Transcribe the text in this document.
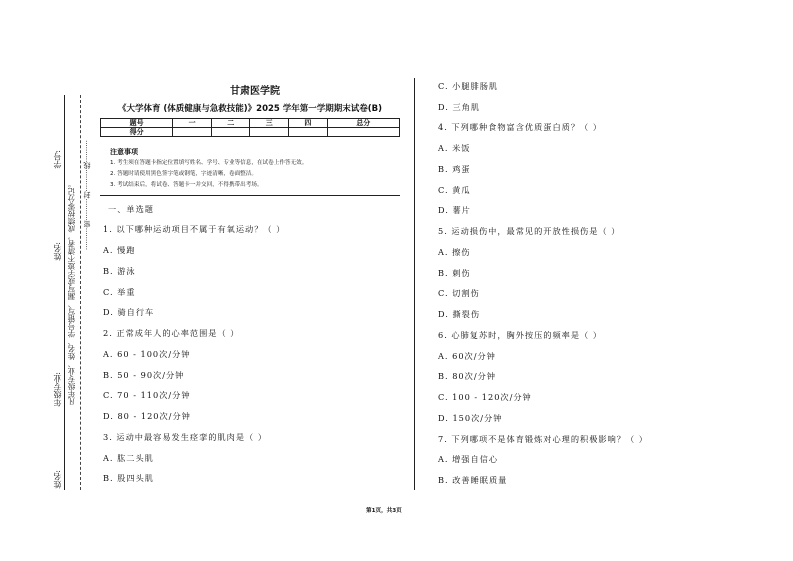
学号:
姓名:
年级专业:
姓名:
凡年级专业、姓名、学号错写、漏写或字迹不清者，成绩按零分记。 ··········密··········封··········线··········
甘肃医学院
《大学体育 (体质健康与急救技能)》2025 学年第一学期期末试卷(B)
题号	一	二	三	四	总分
得分					
注意事项
1. 考生须在答题卡指定位置填写姓名、学号、专业等信息，在试卷上作答无效。
2. 答题时请使用黑色签字笔或钢笔，字迹清晰，卷面整洁。
3. 考试结束后，将试卷、答题卡一并交回，不得携带出考场。
一、单选题
1. 以下哪种运动项目不属于有氧运动？（ ）
A. 慢跑
B. 游泳
C. 举重
D. 骑自行车
2. 正常成年人的心率范围是（ ）
A. 60 - 100次/分钟
B. 50 - 90次/分钟
C. 70 - 110次/分钟
D. 80 - 120次/分钟
3. 运动中最容易发生痉挛的肌肉是（ ）
A. 肱二头肌
B. 股四头肌
C. 小腿腓肠肌
D. 三角肌
4. 下列哪种食物富含优质蛋白质？（ ）
A. 米饭
B. 鸡蛋
C. 黄瓜
D. 薯片
5. 运动损伤中，最常见的开放性损伤是（ ）
A. 擦伤
B. 刺伤
C. 切割伤
D. 撕裂伤
6. 心肺复苏时，胸外按压的频率是（ ）
A. 60次/分钟
B. 80次/分钟
C. 100 - 120次/分钟
D. 150次/分钟
7. 下列哪项不是体育锻炼对心理的积极影响？（ ）
A. 增强自信心
B. 改善睡眠质量
第1页，共3页
